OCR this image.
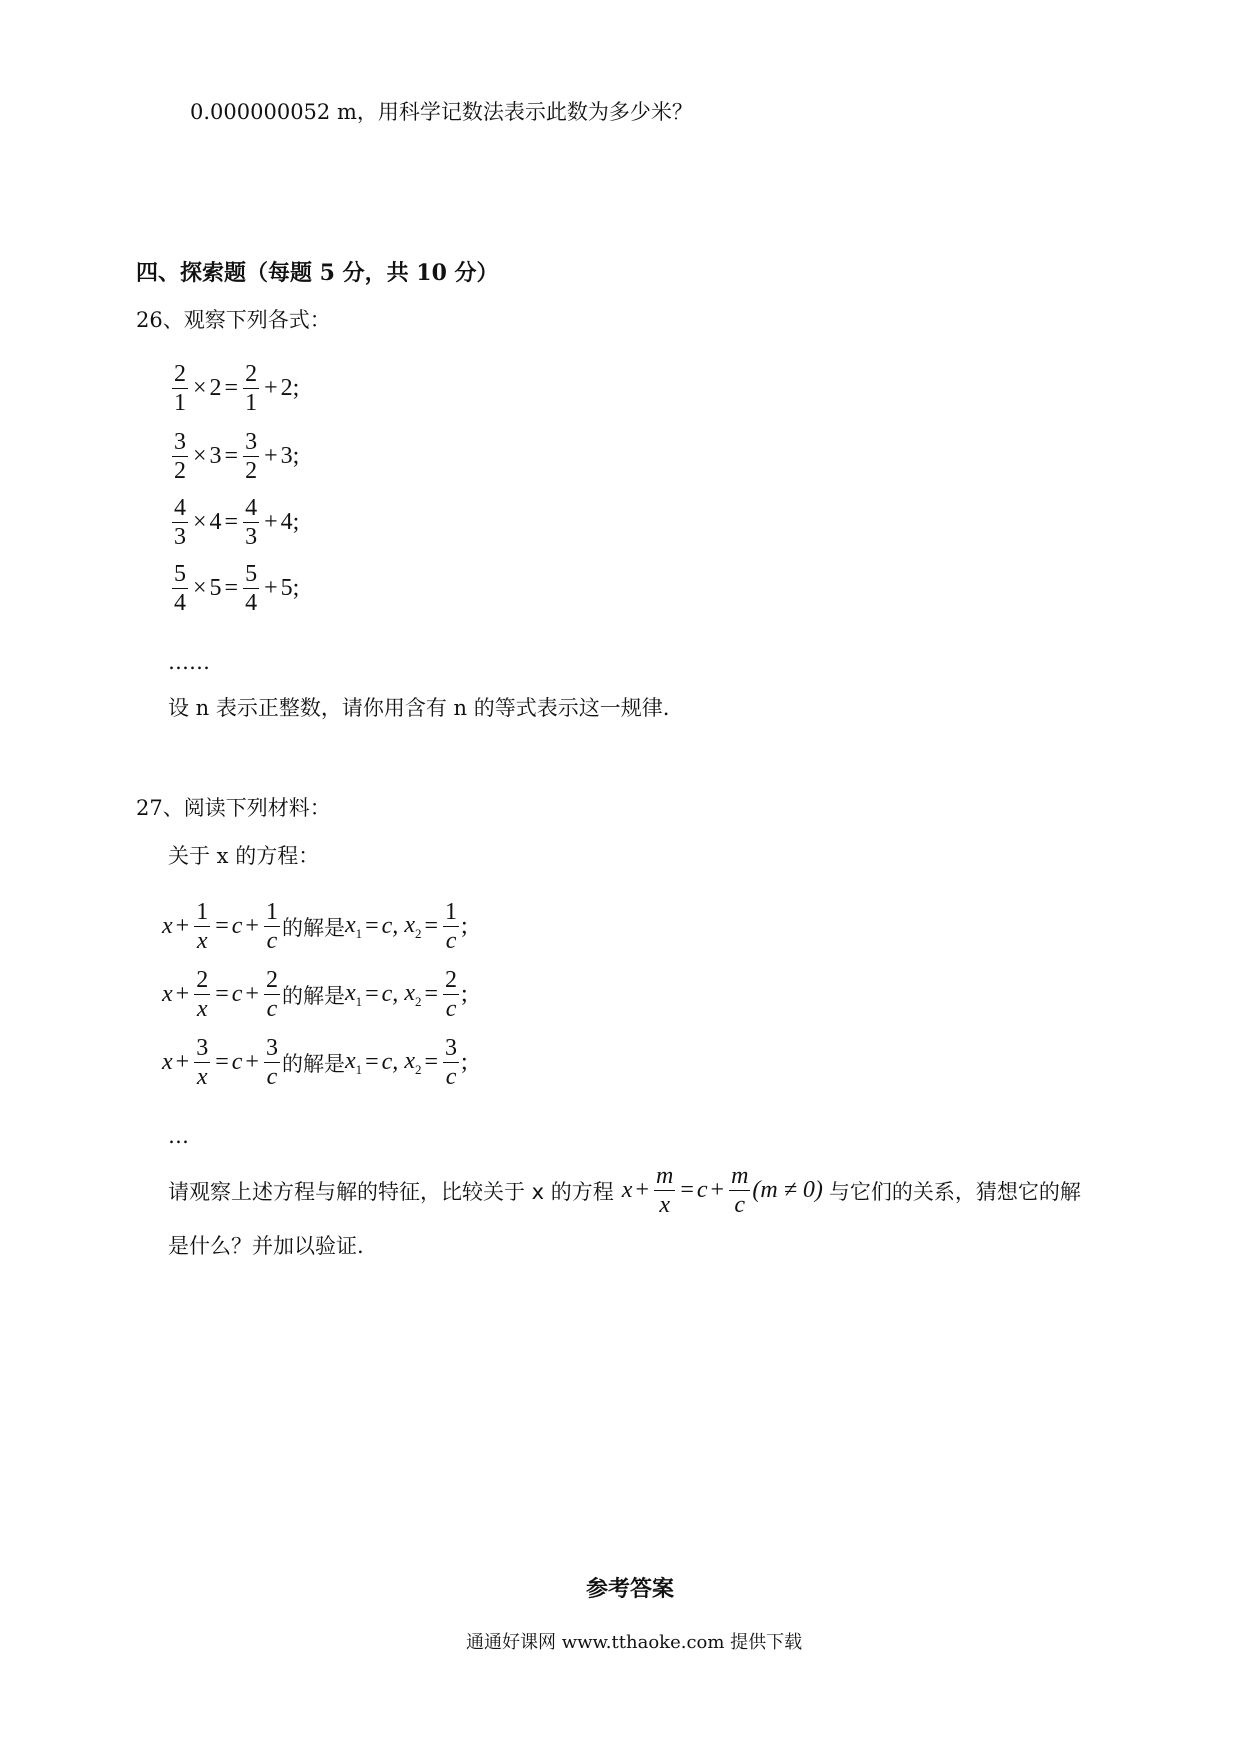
0.000000052 m，用科学记数法表示此数为多少米？
四、探索题（每题 5 分，共 10 分）
26、观察下列各式：
$\frac{2}{1} \times 2 = \frac{2}{1} + 2$;
$\frac{3}{2} \times 3 = \frac{3}{2} + 3$;
$\frac{4}{3} \times 4 = \frac{4}{3} + 4$;
$\frac{5}{4} \times 5 = \frac{5}{4} + 5$;
……
设 n 表示正整数，请你用含有 n 的等式表示这一规律.
27、阅读下列材料：
关于 x 的方程：
$x + \frac{1}{x} = c + \frac{1}{c}$ 的解是 $x_1 = c$, $x_2 = \frac{1}{c}$ ;
$x + \frac{2}{x} = c + \frac{2}{c}$ 的解是 $x_1 = c$, $x_2 = \frac{2}{c}$ ;
$x + \frac{3}{x} = c + \frac{3}{c}$ 的解是 $x_1 = c$, $x_2 = \frac{3}{c}$ ;
…
请观察上述方程与解的特征，比较关于 x 的方程 $x + \frac{m}{x} = c + \frac{m}{c} (m \ne 0)$ 与它们的关系，猜想它的解
是什么？并加以验证.
参考答案
通通好课网 www.tthaoke.com 提供下载
